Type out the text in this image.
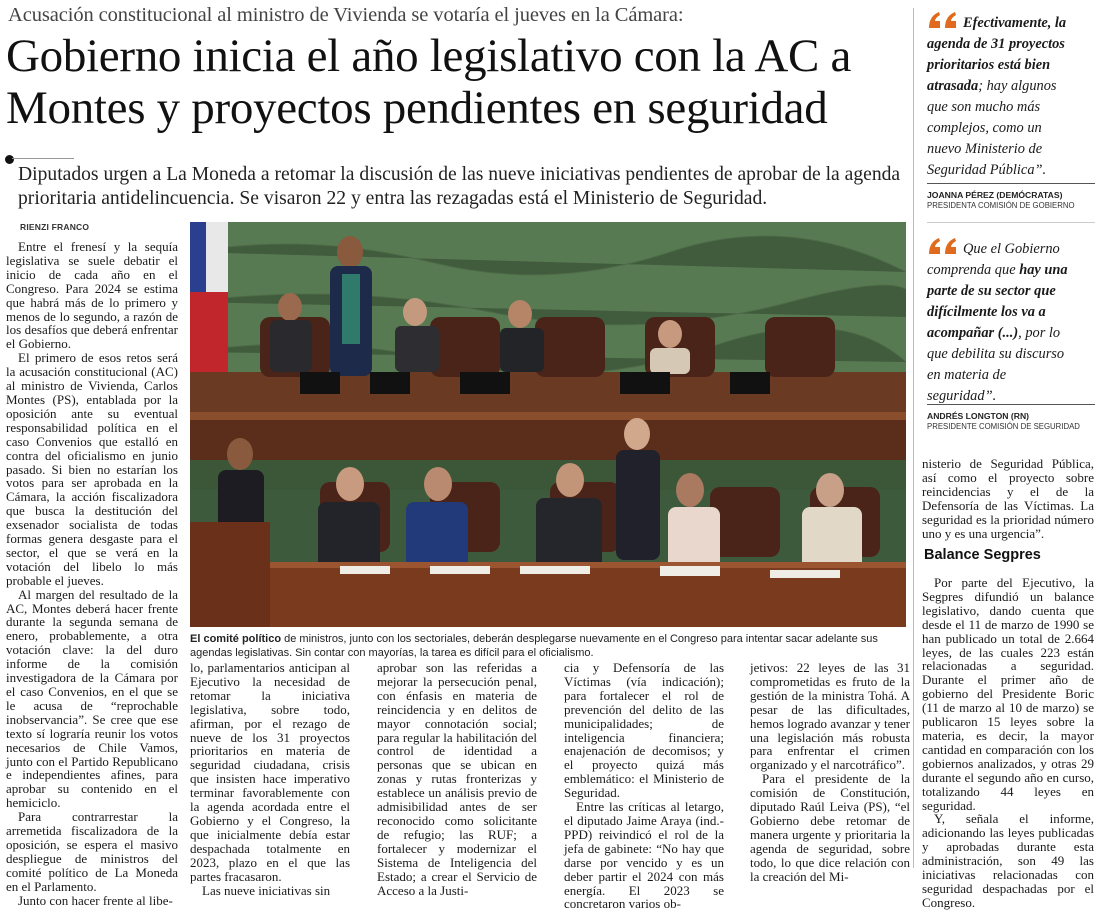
Acusación constitucional al ministro de Vivienda se votaría el jueves en la Cámara:
Gobierno inicia el año legislativo con la AC a Montes y proyectos pendientes en seguridad
Diputados urgen a La Moneda a retomar la discusión de las nueve iniciativas pendientes de aprobar de la agenda prioritaria antidelincuencia. Se visaron 22 y entra las rezagadas está el Ministerio de Seguridad.
RIENZI FRANCO
El comité político de ministros, junto con los sectoriales, deberán desplegarse nuevamente en el Congreso para intentar sacar adelante sus agendas legislativas. Sin contar con mayorías, la tarea es difícil para el oficialismo.

Entre el frenesí y la sequía legislativa se suele debatir el inicio de cada año en el Congreso. Para 2024 se estima que habrá más de lo primero y menos de lo segundo, a razón de los desafíos que deberá enfrentar el Gobierno.

El primero de esos retos será la acusación constitucional (AC) al ministro de Vivienda, Carlos Montes (PS), entablada por la oposición ante su eventual responsabilidad política en el caso Convenios que estalló en contra del oficialismo en junio pasado. Si bien no estarían los votos para ser aprobada en la Cámara, la acción fiscalizadora que busca la destitución del exsenador socialista de todas formas genera desgaste para el sector, el que se verá en la votación del libelo lo más probable el jueves.

Al margen del resultado de la AC, Montes deberá hacer frente durante la segunda semana de enero, probablemente, a otra votación clave: la del duro informe de la comisión investigadora de la Cámara por el caso Convenios, en el que se le acusa de “reprochable inobservancia”. Se cree que ese texto sí lograría reunir los votos necesarios de Chile Vamos, junto con el Partido Republicano e independientes afines, para aprobar su contenido en el hemiciclo.

Para contrarrestar la arremetida fiscalizadora de la oposición, se espera el masivo despliegue de ministros del comité político de La Moneda en el Parlamento.

Junto con hacer frente al libe-

lo, parlamentarios anticipan al Ejecutivo la necesidad de retomar la iniciativa legislativa, sobre todo, afirman, por el rezago de nueve de los 31 proyectos prioritarios en materia de seguridad ciudadana, crisis que insisten hace imperativo terminar favorablemente con la agenda acordada entre el Gobierno y el Congreso, la que inicialmente debía estar despachada totalmente en 2023, plazo en el que las partes fracasaron.

Las nueve iniciativas sin

aprobar son las referidas a mejorar la persecución penal, con énfasis en materia de reincidencia y en delitos de mayor connotación social; para regular la habilitación del control de identidad a personas que se ubican en zonas y rutas fronterizas y establece un análisis previo de admisibilidad antes de ser reconocido como solicitante de refugio; las RUF; a fortalecer y modernizar el Sistema de Inteligencia del Estado; a crear el Servicio de Acceso a la Justi-

cia y Defensoría de las Víctimas (vía indicación); para fortalecer el rol de prevención del delito de las municipalidades; de inteligencia financiera; enajenación de decomisos; y el proyecto quizá más emblemático: el Ministerio de Seguridad.

Entre las críticas al letargo, el diputado Jaime Araya (ind.-PPD) reivindicó el rol de la jefa de gabinete: “No hay que darse por vencido y es un deber partir el 2024 con más energía. El 2023 se concretaron varios ob-

jetivos: 22 leyes de las 31 comprometidas es fruto de la gestión de la ministra Tohá. A pesar de las dificultades, hemos logrado avanzar y tener una legislación más robusta para enfrentar el crimen organizado y el narcotráfico”.

Para el presidente de la comisión de Constitución, diputado Raúl Leiva (PS), “el Gobierno debe retomar de manera urgente y prioritaria la agenda de seguridad, sobre todo, lo que dice relación con la creación del Mi-

Efectivamente, la agenda de 31 proyectos prioritarios está bien atrasada; hay algunos que son mucho más complejos, como un nuevo Ministerio de Seguridad Pública”.
JOANNA PÉREZ (DEMÓCRATAS)
PRESIDENTA COMISIÓN DE GOBIERNO
Que el Gobierno comprenda que hay una parte de su sector que difícilmente los va a acompañar (...), por lo que debilita su discurso en materia de seguridad”.
ANDRÉS LONGTON (RN)
PRESIDENTE COMISIÓN DE SEGURIDAD

nisterio de Seguridad Pública, así como el proyecto sobre reincidencias y el de la Defensoría de las Víctimas. La seguridad es la prioridad número uno y es una urgencia”.

Balance Segpres

Por parte del Ejecutivo, la Segpres difundió un balance legislativo, dando cuenta que desde el 11 de marzo de 1990 se han publicado un total de 2.664 leyes, de las cuales 223 están relacionadas a seguridad. Durante el primer año de gobierno del Presidente Boric (11 de marzo al 10 de marzo) se publicaron 15 leyes sobre la materia, es decir, la mayor cantidad en comparación con los gobiernos analizados, y otras 29 durante el segundo año en curso, totalizando 44 leyes en seguridad.

Y, señala el informe, adicionando las leyes publicadas y aprobadas durante esta administración, son 49 las iniciativas relacionadas con seguridad despachadas por el Congreso.
